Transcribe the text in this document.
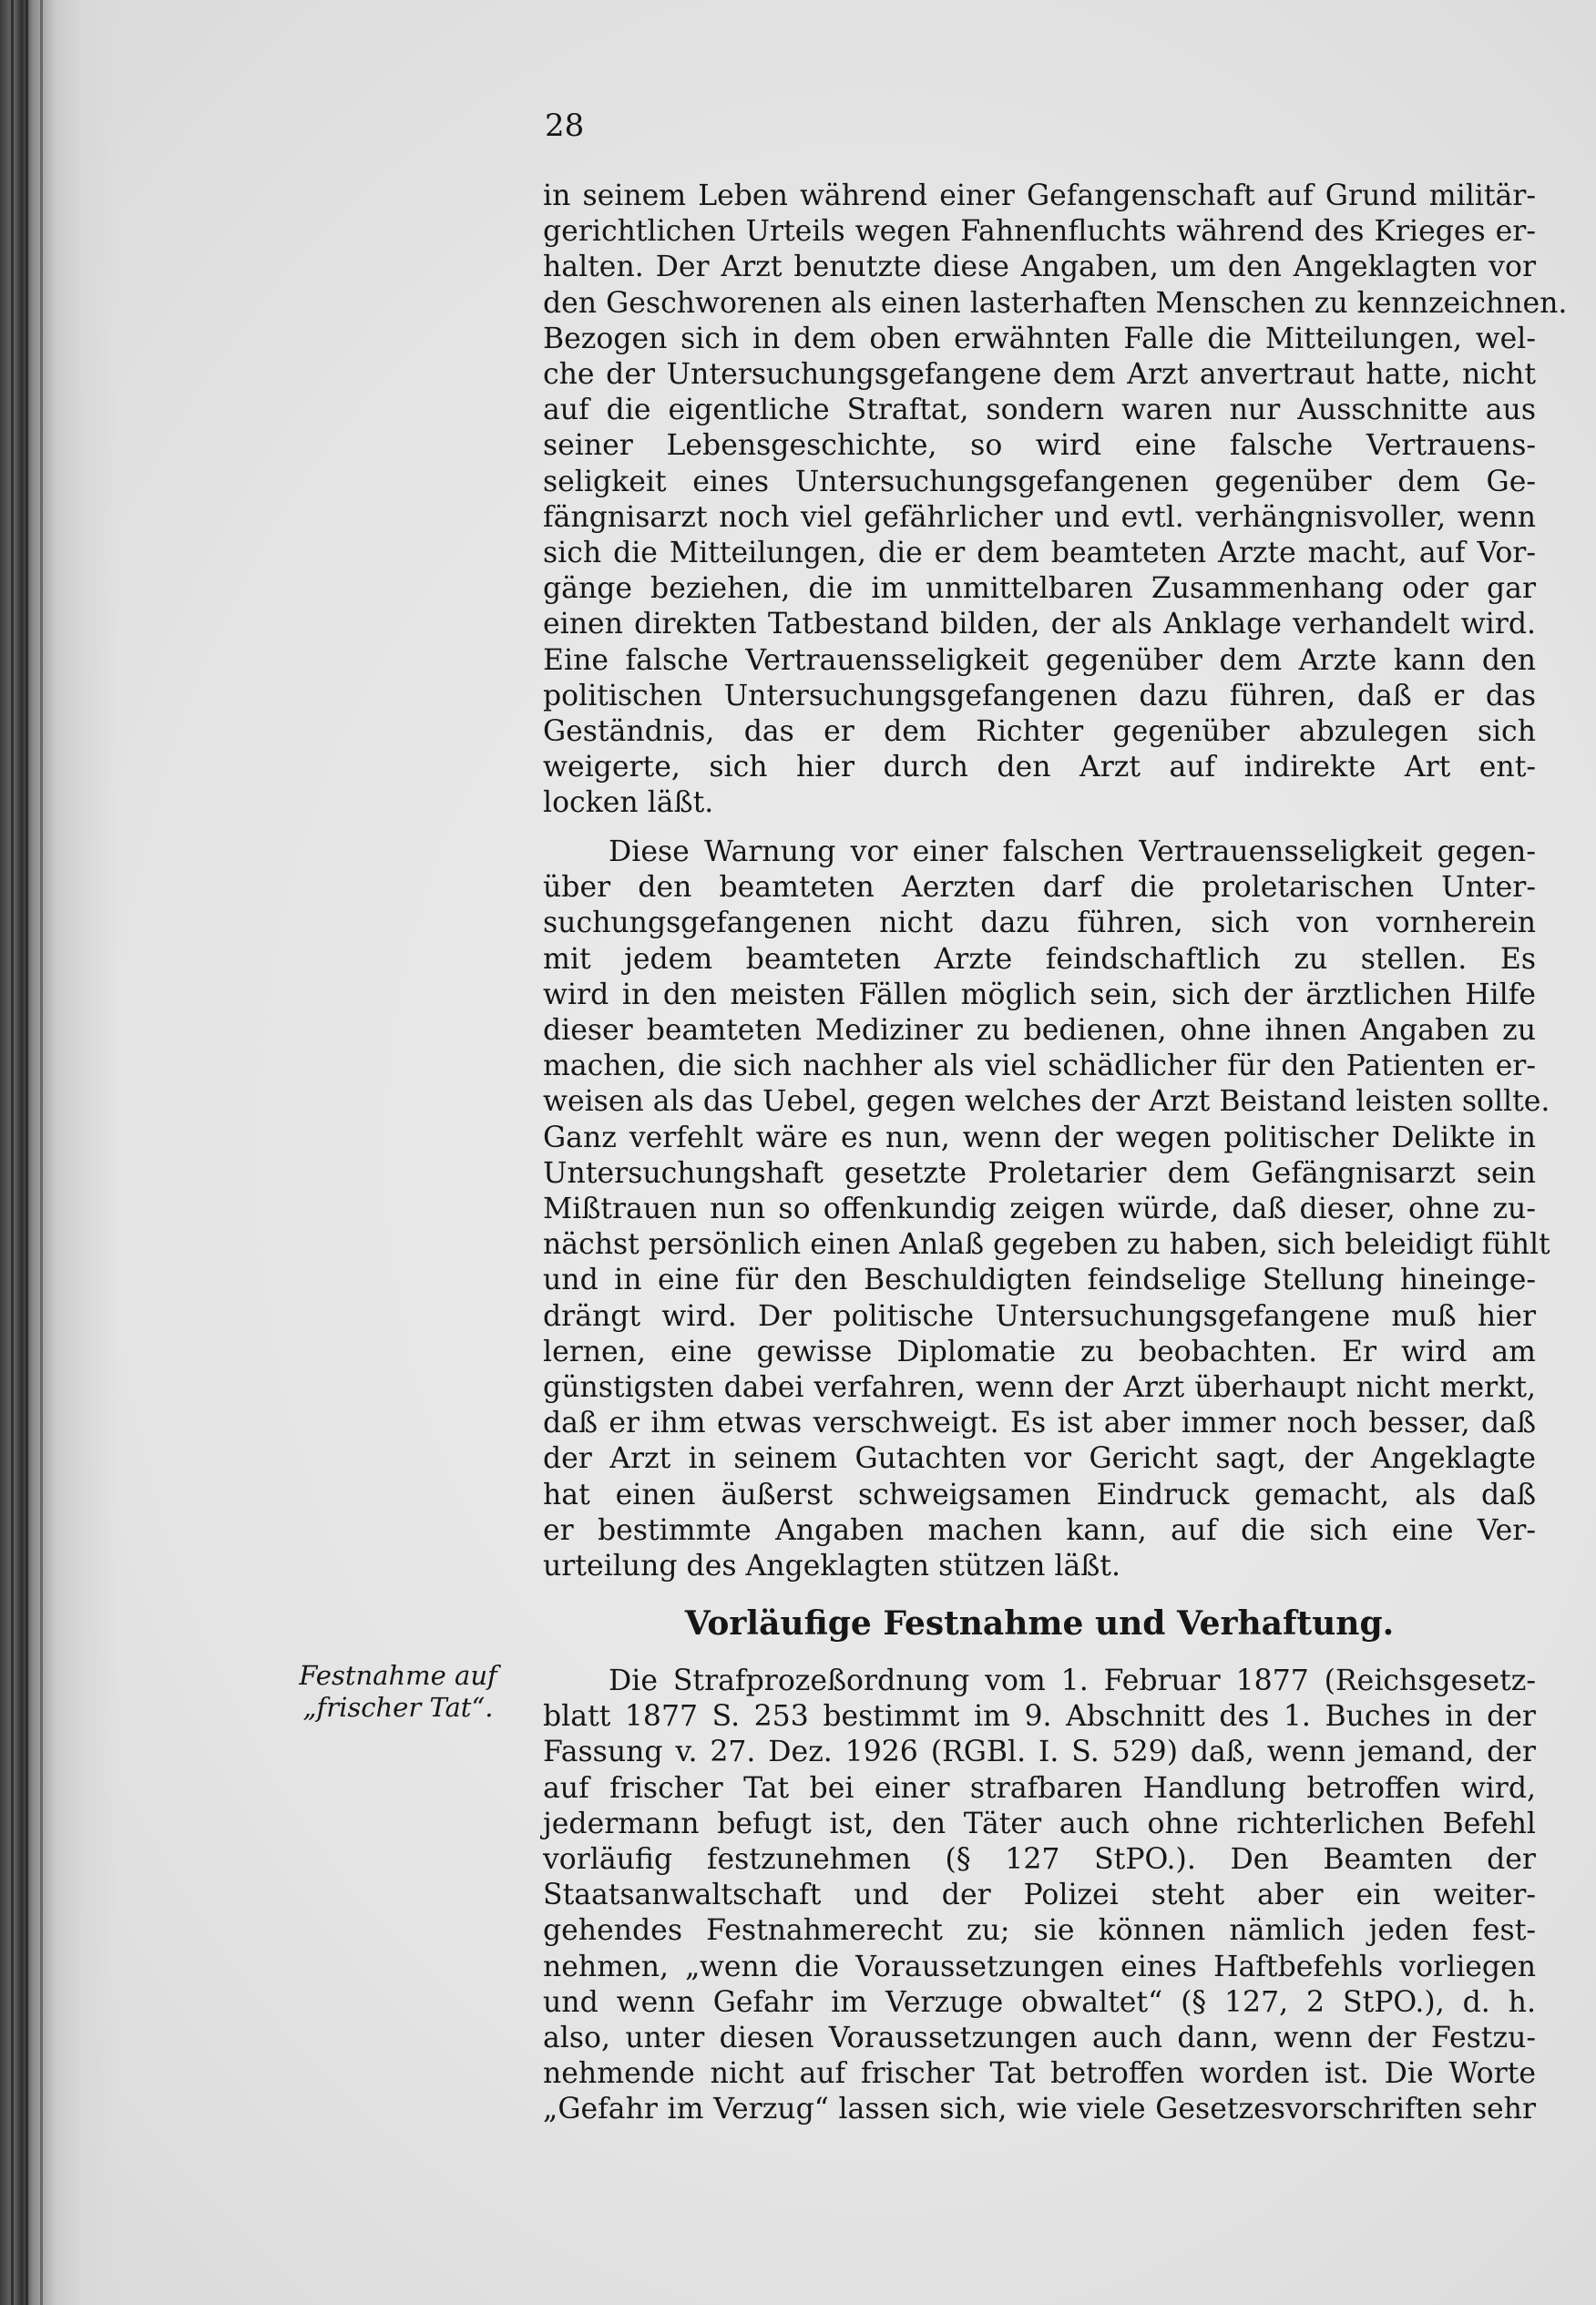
28
in seinem Leben während einer Gefangenschaft auf Grund militär-
gerichtlichen Urteils wegen Fahnenfluchts während des Krieges er-
halten. Der Arzt benutzte diese Angaben, um den Angeklagten vor
den Geschworenen als einen lasterhaften Menschen zu kennzeichnen.
Bezogen sich in dem oben erwähnten Falle die Mitteilungen, wel-
che der Untersuchungsgefangene dem Arzt anvertraut hatte, nicht
auf die eigentliche Straftat, sondern waren nur Ausschnitte aus
seiner Lebensgeschichte, so wird eine falsche Vertrauens-
seligkeit eines Untersuchungsgefangenen gegenüber dem Ge-
fängnisarzt noch viel gefährlicher und evtl. verhängnisvoller, wenn
sich die Mitteilungen, die er dem beamteten Arzte macht, auf Vor-
gänge beziehen, die im unmittelbaren Zusammenhang oder gar
einen direkten Tatbestand bilden, der als Anklage verhandelt wird.
Eine falsche Vertrauensseligkeit gegenüber dem Arzte kann den
politischen Untersuchungsgefangenen dazu führen, daß er das
Geständnis, das er dem Richter gegenüber abzulegen sich
weigerte, sich hier durch den Arzt auf indirekte Art ent-
locken läßt.
Diese Warnung vor einer falschen Vertrauensseligkeit gegen-
über den beamteten Aerzten darf die proletarischen Unter-
suchungsgefangenen nicht dazu führen, sich von vornherein
mit jedem beamteten Arzte feindschaftlich zu stellen. Es
wird in den meisten Fällen möglich sein, sich der ärztlichen Hilfe
dieser beamteten Mediziner zu bedienen, ohne ihnen Angaben zu
machen, die sich nachher als viel schädlicher für den Patienten er-
weisen als das Uebel, gegen welches der Arzt Beistand leisten sollte.
Ganz verfehlt wäre es nun, wenn der wegen politischer Delikte in
Untersuchungshaft gesetzte Proletarier dem Gefängnisarzt sein
Mißtrauen nun so offenkundig zeigen würde, daß dieser, ohne zu-
nächst persönlich einen Anlaß gegeben zu haben, sich beleidigt fühlt
und in eine für den Beschuldigten feindselige Stellung hineinge-
drängt wird. Der politische Untersuchungsgefangene muß hier
lernen, eine gewisse Diplomatie zu beobachten. Er wird am
günstigsten dabei verfahren, wenn der Arzt überhaupt nicht merkt,
daß er ihm etwas verschweigt. Es ist aber immer noch besser, daß
der Arzt in seinem Gutachten vor Gericht sagt, der Angeklagte
hat einen äußerst schweigsamen Eindruck gemacht, als daß
er bestimmte Angaben machen kann, auf die sich eine Ver-
urteilung des Angeklagten stützen läßt.
Vorläufige Festnahme und Verhaftung.
Festnahme auf
„frischer Tat“.
Die Strafprozeßordnung vom 1. Februar 1877 (Reichsgesetz-
blatt 1877 S. 253 bestimmt im 9. Abschnitt des 1. Buches in der
Fassung v. 27. Dez. 1926 (RGBl. I. S. 529) daß, wenn jemand, der
auf frischer Tat bei einer strafbaren Handlung betroffen wird,
jedermann befugt ist, den Täter auch ohne richterlichen Befehl
vorläufig festzunehmen (§ 127 StPO.). Den Beamten der
Staatsanwaltschaft und der Polizei steht aber ein weiter-
gehendes Festnahmerecht zu; sie können nämlich jeden fest-
nehmen, „wenn die Voraussetzungen eines Haftbefehls vorliegen
und wenn Gefahr im Verzuge obwaltet“ (§ 127, 2 StPO.), d. h.
also, unter diesen Voraussetzungen auch dann, wenn der Festzu-
nehmende nicht auf frischer Tat betroffen worden ist. Die Worte
„Gefahr im Verzug“ lassen sich, wie viele Gesetzesvorschriften sehr
